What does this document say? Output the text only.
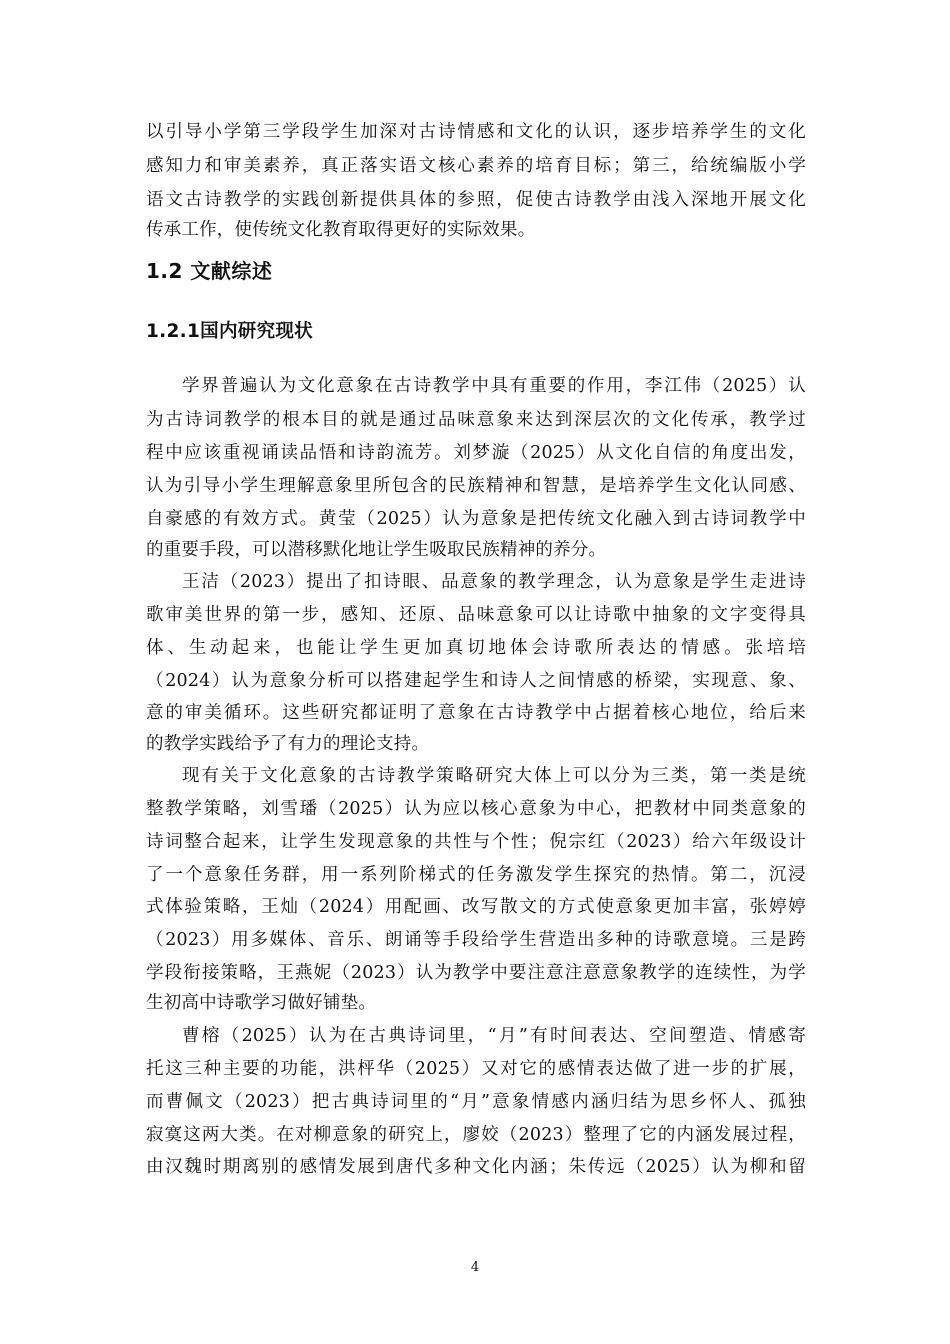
以引导小学第三学段学生加深对古诗情感和文化的认识，逐步培养学生的文化
感知力和审美素养，真正落实语文核心素养的培育目标；第三，给统编版小学
语文古诗教学的实践创新提供具体的参照，促使古诗教学由浅入深地开展文化
传承工作，使传统文化教育取得更好的实际效果。
1.2 文献综述
1.2.1国内研究现状
学界普遍认为文化意象在古诗教学中具有重要的作用，李江伟（2025）认
为古诗词教学的根本目的就是通过品味意象来达到深层次的文化传承，教学过
程中应该重视诵读品悟和诗韵流芳。刘梦漩（2025）从文化自信的角度出发，
认为引导小学生理解意象里所包含的民族精神和智慧，是培养学生文化认同感、
自豪感的有效方式。黄莹（2025）认为意象是把传统文化融入到古诗词教学中
的重要手段，可以潜移默化地让学生吸取民族精神的养分。
王洁（2023）提出了扣诗眼、品意象的教学理念，认为意象是学生走进诗
歌审美世界的第一步，感知、还原、品味意象可以让诗歌中抽象的文字变得具
体、生动起来，也能让学生更加真切地体会诗歌所表达的情感。张培培
（2024）认为意象分析可以搭建起学生和诗人之间情感的桥梁，实现意、象、
意的审美循环。这些研究都证明了意象在古诗教学中占据着核心地位，给后来
的教学实践给予了有力的理论支持。
现有关于文化意象的古诗教学策略研究大体上可以分为三类，第一类是统
整教学策略，刘雪璠（2025）认为应以核心意象为中心，把教材中同类意象的
诗词整合起来，让学生发现意象的共性与个性；倪宗红（2023）给六年级设计
了一个意象任务群，用一系列阶梯式的任务激发学生探究的热情。第二，沉浸
式体验策略，王灿（2024）用配画、改写散文的方式使意象更加丰富，张婷婷
（2023）用多媒体、音乐、朗诵等手段给学生营造出多种的诗歌意境。三是跨
学段衔接策略，王燕妮（2023）认为教学中要注意注意意象教学的连续性，为学
生初高中诗歌学习做好铺垫。
曹榕（2025）认为在古典诗词里，“月”有时间表达、空间塑造、情感寄
托这三种主要的功能，洪枰华（2025）又对它的感情表达做了进一步的扩展，
而曹佩文（2023）把古典诗词里的“月”意象情感内涵归结为思乡怀人、孤独
寂寞这两大类。在对柳意象的研究上，廖姣（2023）整理了它的内涵发展过程，
由汉魏时期离别的感情发展到唐代多种文化内涵；朱传远（2025）认为柳和留
4
